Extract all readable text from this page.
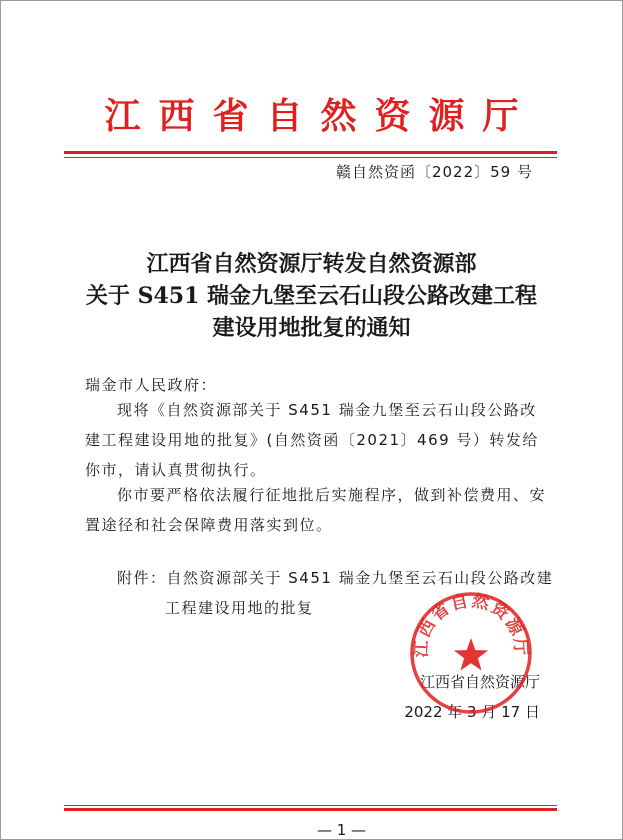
江西省自然资源厅
赣自然资函〔2022〕59 号
江西省自然资源厅转发自然资源部
关于 S451 瑞金九堡至云石山段公路改建工程
建设用地批复的通知
瑞金市人民政府：
现将《自然资源部关于 S451 瑞金九堡至云石山段公路改建工程建设用地的批复》(自然资函〔2021〕469 号）转发给你市，请认真贯彻执行。
你市要严格依法履行征地批后实施程序，做到补偿费用、安置途径和社会保障费用落实到位。
附件：自然资源部关于 S451 瑞金九堡至云石山段公路改建
工程建设用地的批复
江西省自然资源厅
2022 年 3 月 17 日
江西省自然资源厅
— 1 —
